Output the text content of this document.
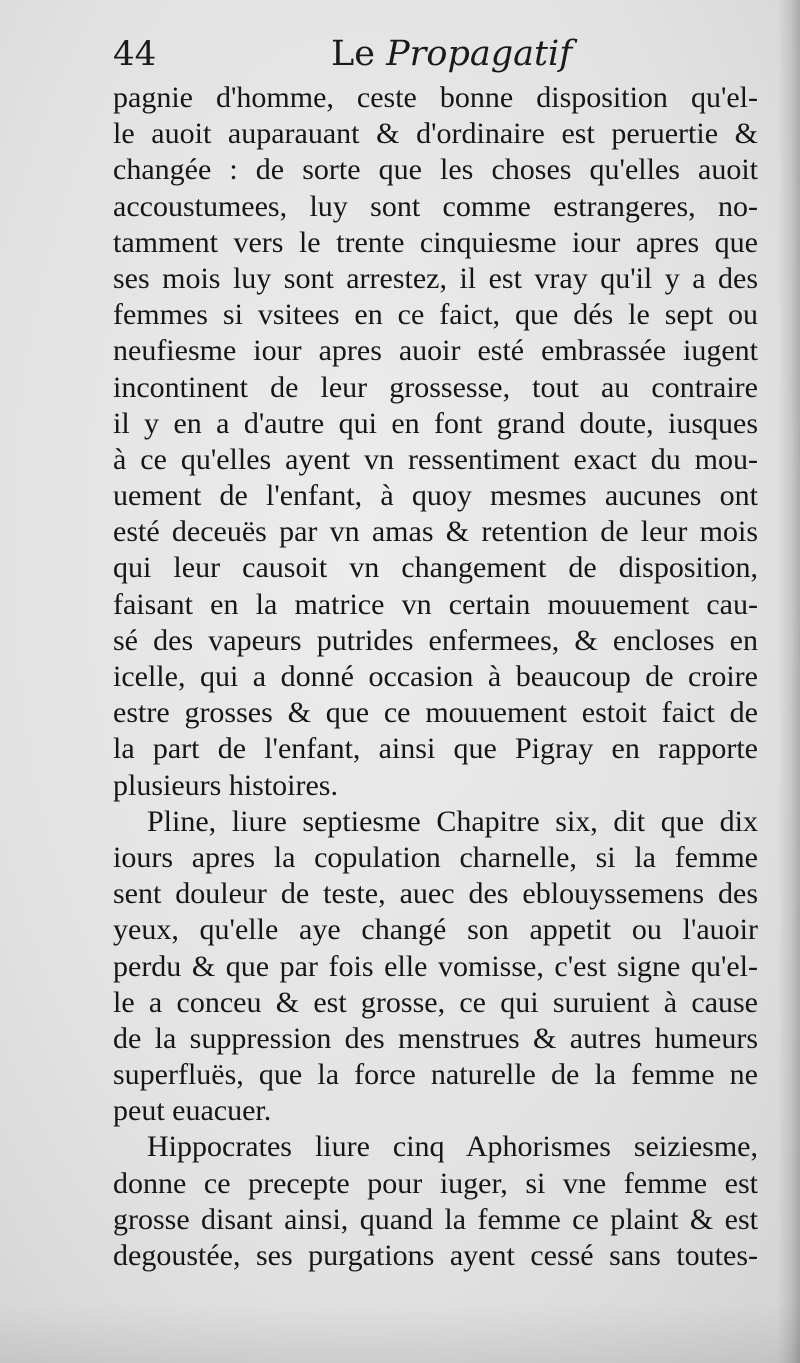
44	Le Propagatif
pagnie d'homme, ceste bonne disposition qu'el-
le auoit auparauant & d'ordinaire est peruertie &
changée : de sorte que les choses qu'elles auoit
accoustumees, luy sont comme estrangeres, no-
tamment vers le trente cinquiesme iour apres que
ses mois luy sont arrestez, il est vray qu'il y a des
femmes si vsitees en ce faict, que dés le sept ou
neufiesme iour apres auoir esté embrassée iugent
incontinent de leur grossesse, tout au contraire
il y en a d'autre qui en font grand doute, iusques
à ce qu'elles ayent vn ressentiment exact du mou-
uement de l'enfant, à quoy mesmes aucunes ont
esté deceuës par vn amas & retention de leur mois
qui leur causoit vn changement de disposition,
faisant en la matrice vn certain mouuement cau-
sé des vapeurs putrides enfermees, & encloses en
icelle, qui a donné occasion à beaucoup de croire
estre grosses & que ce mouuement estoit faict de
la part de l'enfant, ainsi que Pigray en rapporte
plusieurs histoires.
Pline, liure septiesme Chapitre six, dit que dix
iours apres la copulation charnelle, si la femme
sent douleur de teste, auec des eblouyssemens des
yeux, qu'elle aye changé son appetit ou l'auoir
perdu & que par fois elle vomisse, c'est signe qu'el-
le a conceu & est grosse, ce qui suruient à cause
de la suppression des menstrues & autres humeurs
superfluës, que la force naturelle de la femme ne
peut euacuer.
Hippocrates liure cinq Aphorismes seiziesme,
donne ce precepte pour iuger, si vne femme est
grosse disant ainsi, quand la femme ce plaint & est
degoustée, ses purgations ayent cessé sans toutes-
